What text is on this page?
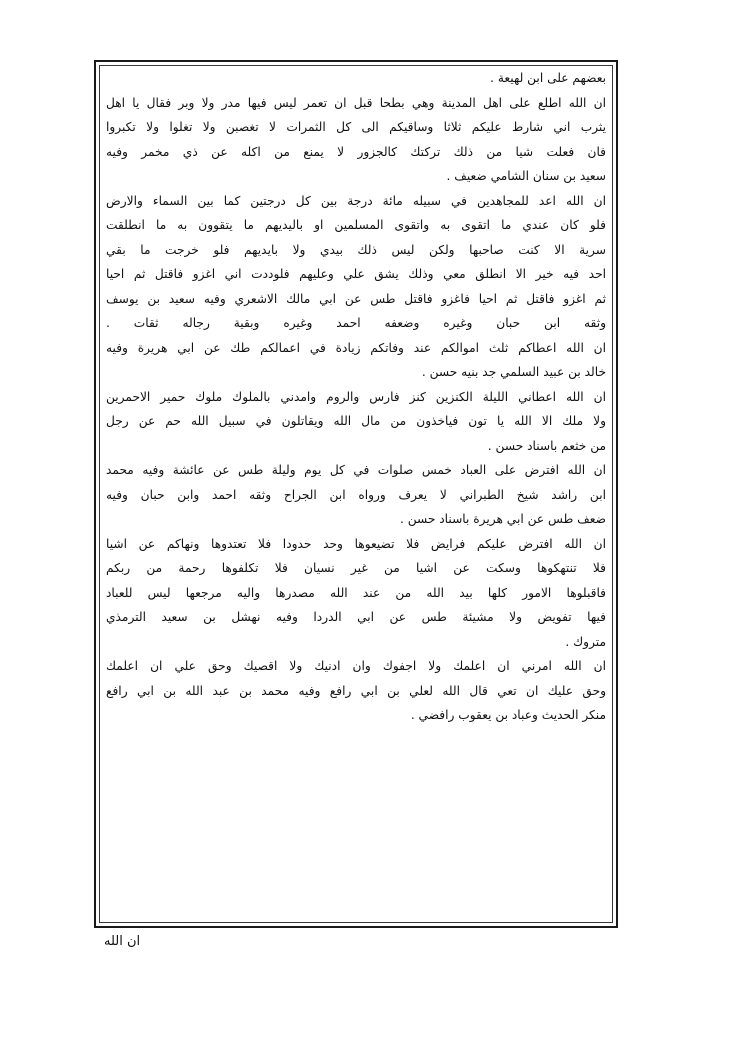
بعضهم على ابن لهيعة .
ان الله اطلع على اهل المدينة وهي بطحا قبل ان تعمر ليس فيها مدر ولا وبر فقال يا اهل
يثرب اني شارط عليكم ثلاثا وساقيكم الى كل الثمرات لا تغصبن ولا تغلوا ولا تكبروا
فان فعلت شيا من ذلك تركتك كالجزور لا يمنع من اكله عن ذي مخمر وفيه
سعيد بن سنان الشامي ضعيف .
ان الله اعد للمجاهدين في سبيله مائة درجة بين كل درجتين كما بين السماء والارض
فلو كان عندي ما اتقوى به واتقوى المسلمين او باليديهم ما يتقوون به ما انطلقت
سرية الا كنت صاحبها ولكن ليس ذلك بيدي ولا بايديهم فلو خرجت ما بقي
احد فيه خير الا انطلق معي وذلك يشق علي وعليهم فلوددت اني اغزو فاقتل ثم احيا
ثم اغزو فاقتل ثم احيا فاغزو فاقتل طس عن ابي مالك الاشعري وفيه سعيد بن يوسف
وثقه ابن حبان وغيره وضعفه احمد وغيره وبقية رجاله ثقات .
ان الله اعطاكم ثلث اموالكم عند وفاتكم زيادة في اعمالكم طك عن ابي هريرة وفيه
خالد بن عبيد السلمي جد بنيه حسن .
ان الله اعطاني الليلة الكنزين كنز فارس والروم وامدني بالملوك ملوك حمير الاحمرين
ولا ملك الا الله يا تون فياخذون من مال الله ويقاتلون في سبيل الله حم عن رجل
من خثعم باسناد حسن .
ان الله افترض على العباد خمس صلوات في كل يوم وليلة طس عن عائشة وفيه محمد
ابن راشد شيخ الطبراني لا يعرف ورواه ابن الجراح وثقه احمد وابن حبان وفيه
ضعف طس عن ابي هريرة باسناد حسن .
ان الله افترض عليكم فرايض فلا تضيعوها وحد حدودا فلا تعتدوها ونهاكم عن اشيا
فلا تنتهكوها وسكت عن اشيا من غير نسيان فلا تكلفوها رحمة من ربكم
فاقبلوها الامور كلها بيد الله من عند الله مصدرها واليه مرجعها ليس للعباد
فيها تفويض ولا مشيئة طس عن ابي الدردا وفيه نهشل بن سعيد الترمذي
متروك .
ان الله امرني ان اعلمك ولا اجفوك وان ادنيك ولا اقصيك وحق علي ان اعلمك
وحق عليك ان تعي قال الله لعلي بن ابي رافع وفيه محمد بن عبد الله بن ابي رافع
منكر الحديث وعباد بن يعقوب رافضي .
ان الله
